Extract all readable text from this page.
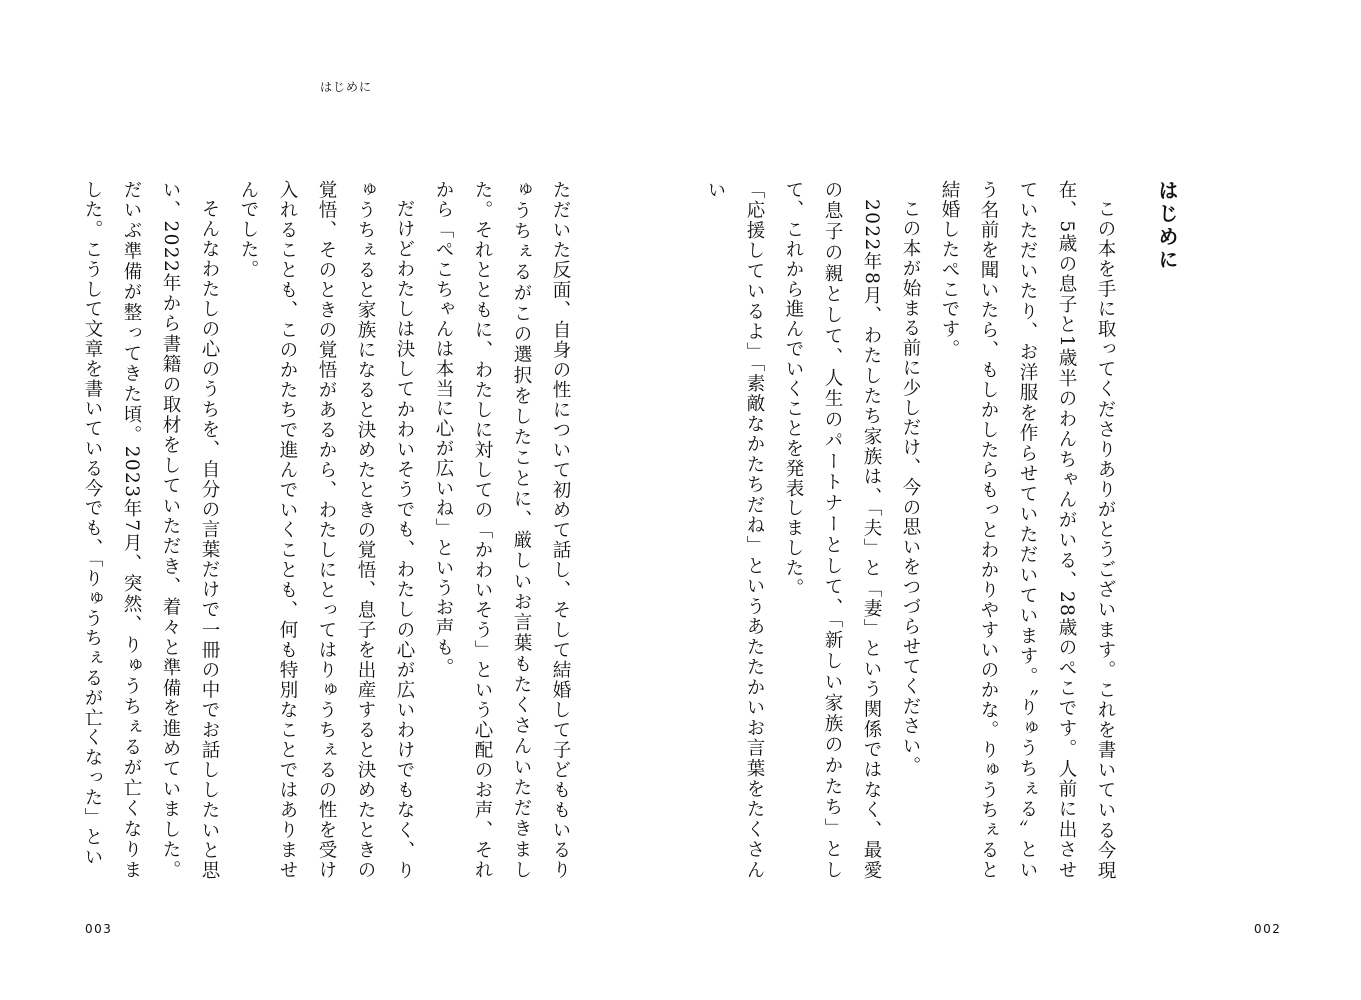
はじめに

ただいた反面、自身の性について初めて話し、そして結婚して子どももいるりゅうちぇるがこの選択をしたことに、厳しいお言葉もたくさんいただきました。それとともに、わたしに対しての「かわいそう」という心配のお声、それから「ぺこちゃんは本当に心が広いね」というお声も。

だけどわたしは決してかわいそうでも、わたしの心が広いわけでもなく、りゅうちぇると家族になると決めたときの覚悟、息子を出産すると決めたときの覚悟、そのときの覚悟があるから、わたしにとってはりゅうちぇるの性を受け入れることも、このかたちで進んでいくことも、何も特別なことではありませんでした。

そんなわたしの心のうちを、自分の言葉だけで一冊の中でお話ししたいと思い、2022年から書籍の取材をしていただき、着々と準備を進めていました。だいぶ準備が整ってきた頃。2023年7月、突然、りゅうちぇるが亡くなりました。こうして文章を書いている今でも、「りゅうちぇるが亡くなった」とい

003
はじめに

この本を手に取ってくださりありがとうございます。これを書いている今現在、5歳の息子と1歳半のわんちゃんがいる、28歳のぺこです。人前に出させていただいたり、お洋服を作らせていただいています。〝りゅうちぇる〟という名前を聞いたら、もしかしたらもっとわかりやすいのかな。りゅうちぇると結婚したぺこです。

この本が始まる前に少しだけ、今の思いをつづらせてください。

2022年8月、わたしたち家族は、「夫」と「妻」という関係ではなく、最愛の息子の親として、人生のパートナーとして、「新しい家族のかたち」として、これから進んでいくことを発表しました。

「応援しているよ」「素敵なかたちだね」というあたたかいお言葉をたくさんい

002
